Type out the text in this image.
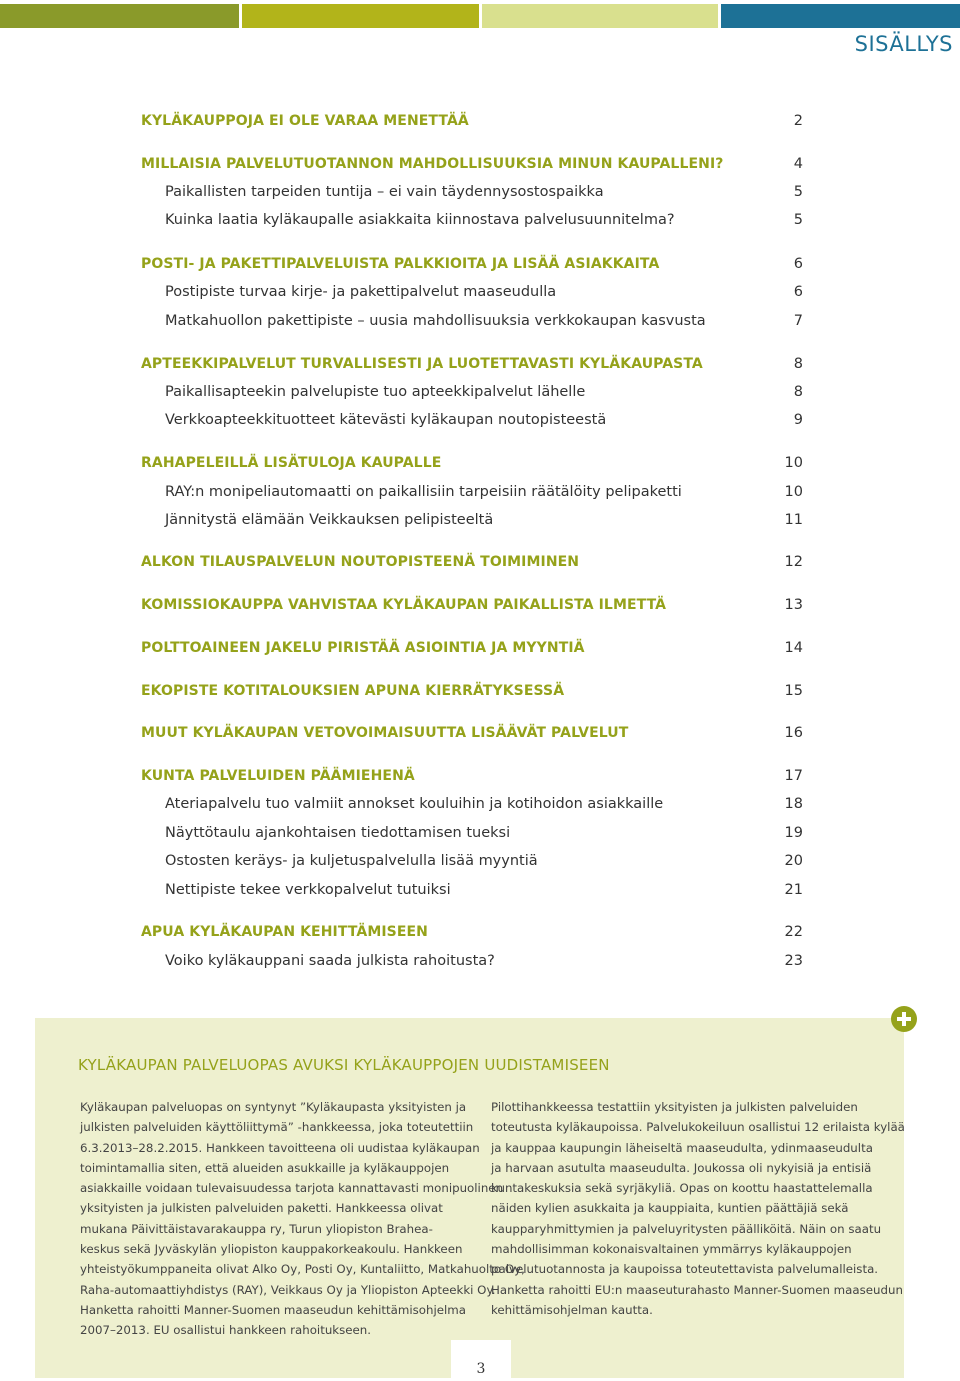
SISÄLLYS
KYLÄKAUPPOJA EI OLE VARAA MENETTÄÄ	2
MILLAISIA PALVELUTUOTANNON MAHDOLLISUUKSIA MINUN KAUPALLENI?	4
Paikallisten tarpeiden tuntija – ei vain täydennysostospaikka	5
Kuinka laatia kyläkaupalle asiakkaita kiinnostava palvelusuunnitelma?	5
POSTI- JA PAKETTIPALVELUISTA PALKKIOITA JA LISÄÄ ASIAKKAITA	6
Postipiste turvaa kirje- ja pakettipalvelut maaseudulla	6
Matkahuollon pakettipiste – uusia mahdollisuuksia verkkokaupan kasvusta	7
APTEEKKIPALVELUT TURVALLISESTI JA LUOTETTAVASTI KYLÄKAUPASTA	8
Paikallisapteekin palvelupiste tuo apteekkipalvelut lähelle	8
Verkkoapteekkituotteet kätevästi kyläkaupan noutopisteestä	9
RAHAPELEILLÄ LISÄTULOJA KAUPALLE	10
RAY:n monipeliautomaatti on paikallisiin tarpeisiin räätälöity pelipaketti	10
Jännitystä elämään Veikkauksen pelipisteeltä	11
ALKON TILAUSPALVELUN NOUTOPISTEENÄ TOIMIMINEN	12
KOMISSIOKAUPPA VAHVISTAA KYLÄKAUPAN PAIKALLISTA ILMETTÄ	13
POLTTOAINEEN JAKELU PIRISTÄÄ ASIOINTIA JA MYYNTIÄ	14
EKOPISTE KOTITALOUKSIEN APUNA KIERRÄTYKSESSÄ	15
MUUT KYLÄKAUPAN VETOVOIMAISUUTTA LISÄÄVÄT PALVELUT	16
KUNTA PALVELUIDEN PÄÄMIEHENÄ	17
Ateriapalvelu tuo valmiit annokset kouluihin ja kotihoidon asiakkaille	18
Näyttötaulu ajankohtaisen tiedottamisen tueksi	19
Ostosten keräys- ja kuljetuspalvelulla lisää myyntiä	20
Nettipiste tekee verkkopalvelut tutuiksi	21
APUA KYLÄKAUPAN KEHITTÄMISEEN	22
Voiko kyläkauppani saada julkista rahoitusta?	23
KYLÄKAUPAN PALVELUOPAS AVUKSI KYLÄKAUPPOJEN UUDISTAMISEEN
Kyläkaupan palveluopas on syntynyt ”Kyläkaupasta yksityisten ja
julkisten palveluiden käyttöliittymä” -hankkeessa, joka toteutettiin
6.3.2013–28.2.2015. Hankkeen tavoitteena oli uudistaa kyläkaupan
toimintamallia siten, että alueiden asukkaille ja kyläkauppojen
asiakkaille voidaan tulevaisuudessa tarjota kannattavasti monipuolinen
yksityisten ja julkisten palveluiden paketti. Hankkeessa olivat
mukana Päivittäistavarakauppa ry, Turun yliopiston Brahea-
keskus sekä Jyväskylän yliopiston kauppakorkeakoulu. Hankkeen
yhteistyökumppaneita olivat Alko Oy, Posti Oy, Kuntaliitto, Matkahuolto Oy,
Raha-automaattiyhdistys (RAY), Veikkaus Oy ja Yliopiston Apteekki Oy.
Hanketta rahoitti Manner-Suomen maaseudun kehittämisohjelma
2007–2013. EU osallistui hankkeen rahoitukseen.
Pilottihankkeessa testattiin yksityisten ja julkisten palveluiden
toteutusta kyläkaupoissa. Palvelukokeiluun osallistui 12 erilaista kylää
ja kauppaa kaupungin läheiseltä maaseudulta, ydinmaaseudulta
ja harvaan asutulta maaseudulta. Joukossa oli nykyisiä ja entisiä
kuntakeskuksia sekä syrjäkyliä. Opas on koottu haastattelemalla
näiden kylien asukkaita ja kauppiaita, kuntien päättäjiä sekä
kaupparyhmittymien ja palveluyritysten päälliköitä. Näin on saatu
mahdollisimman kokonaisvaltainen ymmärrys kyläkauppojen
palvelutuotannosta ja kaupoissa toteutettavista palvelumalleista.
Hanketta rahoitti EU:n maaseuturahasto Manner-Suomen maaseudun
kehittämisohjelman kautta.
3
